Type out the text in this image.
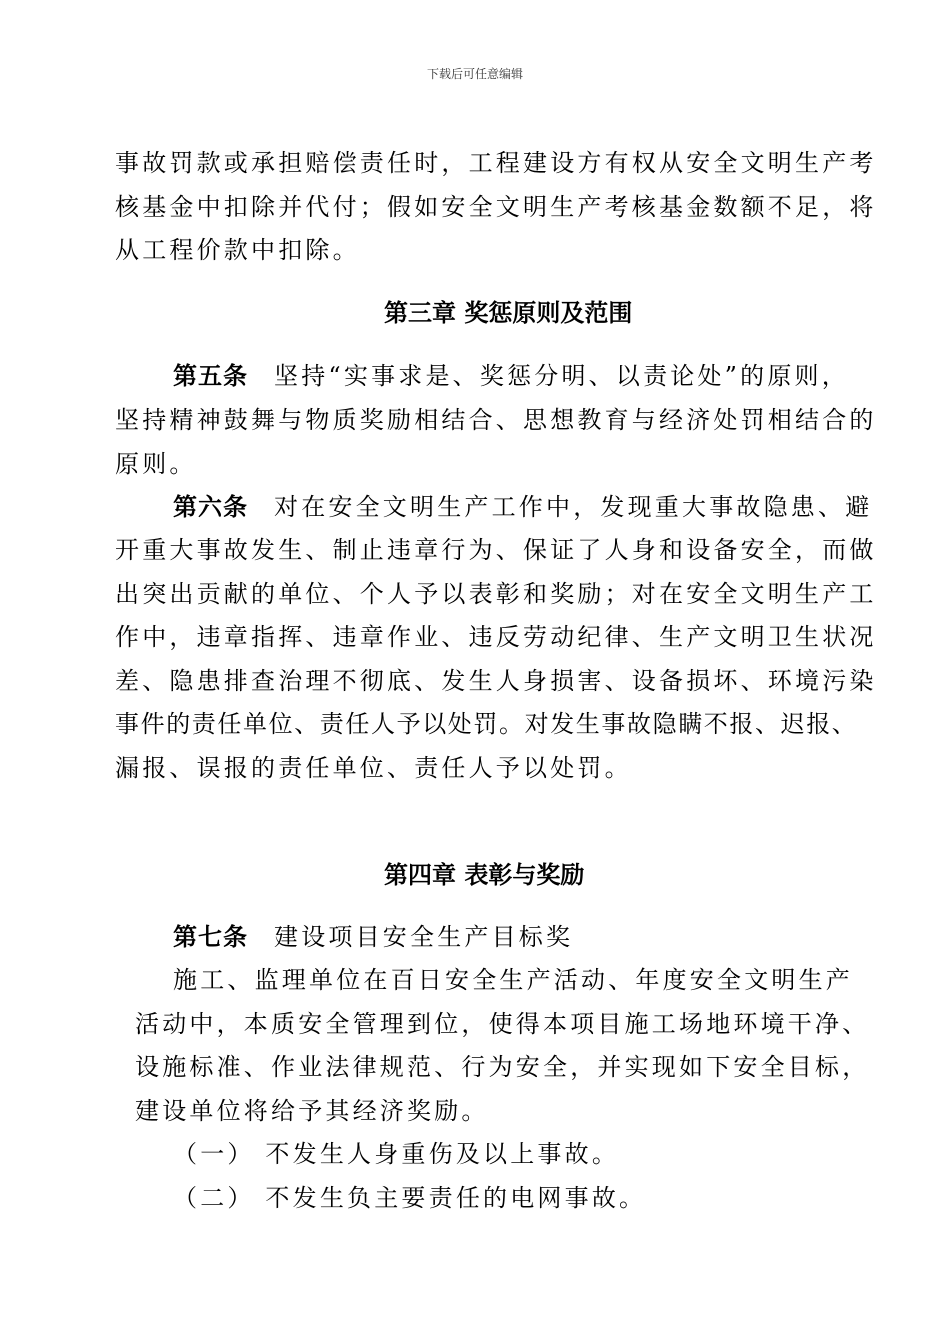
下载后可任意编辑
事故罚款或承担赔偿责任时，工程建设方有权从安全文明生产考
核基金中扣除并代付；假如安全文明生产考核基金数额不足，将
从工程价款中扣除。
第三章 奖惩原则及范围
第五条 坚持“实事求是、奖惩分明、以责论处”的原则，
坚持精神鼓舞与物质奖励相结合、思想教育与经济处罚相结合的
原则。
第六条 对在安全文明生产工作中，发现重大事故隐患、避
开重大事故发生、制止违章行为、保证了人身和设备安全，而做
出突出贡献的单位、个人予以表彰和奖励；对在安全文明生产工
作中，违章指挥、违章作业、违反劳动纪律、生产文明卫生状况
差、隐患排查治理不彻底、发生人身损害、设备损坏、环境污染
事件的责任单位、责任人予以处罚。对发生事故隐瞒不报、迟报、
漏报、误报的责任单位、责任人予以处罚。
第四章 表彰与奖励
第七条 建设项目安全生产目标奖
施工、监理单位在百日安全生产活动、年度安全文明生产
活动中，本质安全管理到位，使得本项目施工场地环境干净、
设施标准、作业法律规范、行为安全，并实现如下安全目标，
建设单位将给予其经济奖励。
（一） 不发生人身重伤及以上事故。
（二） 不发生负主要责任的电网事故。
